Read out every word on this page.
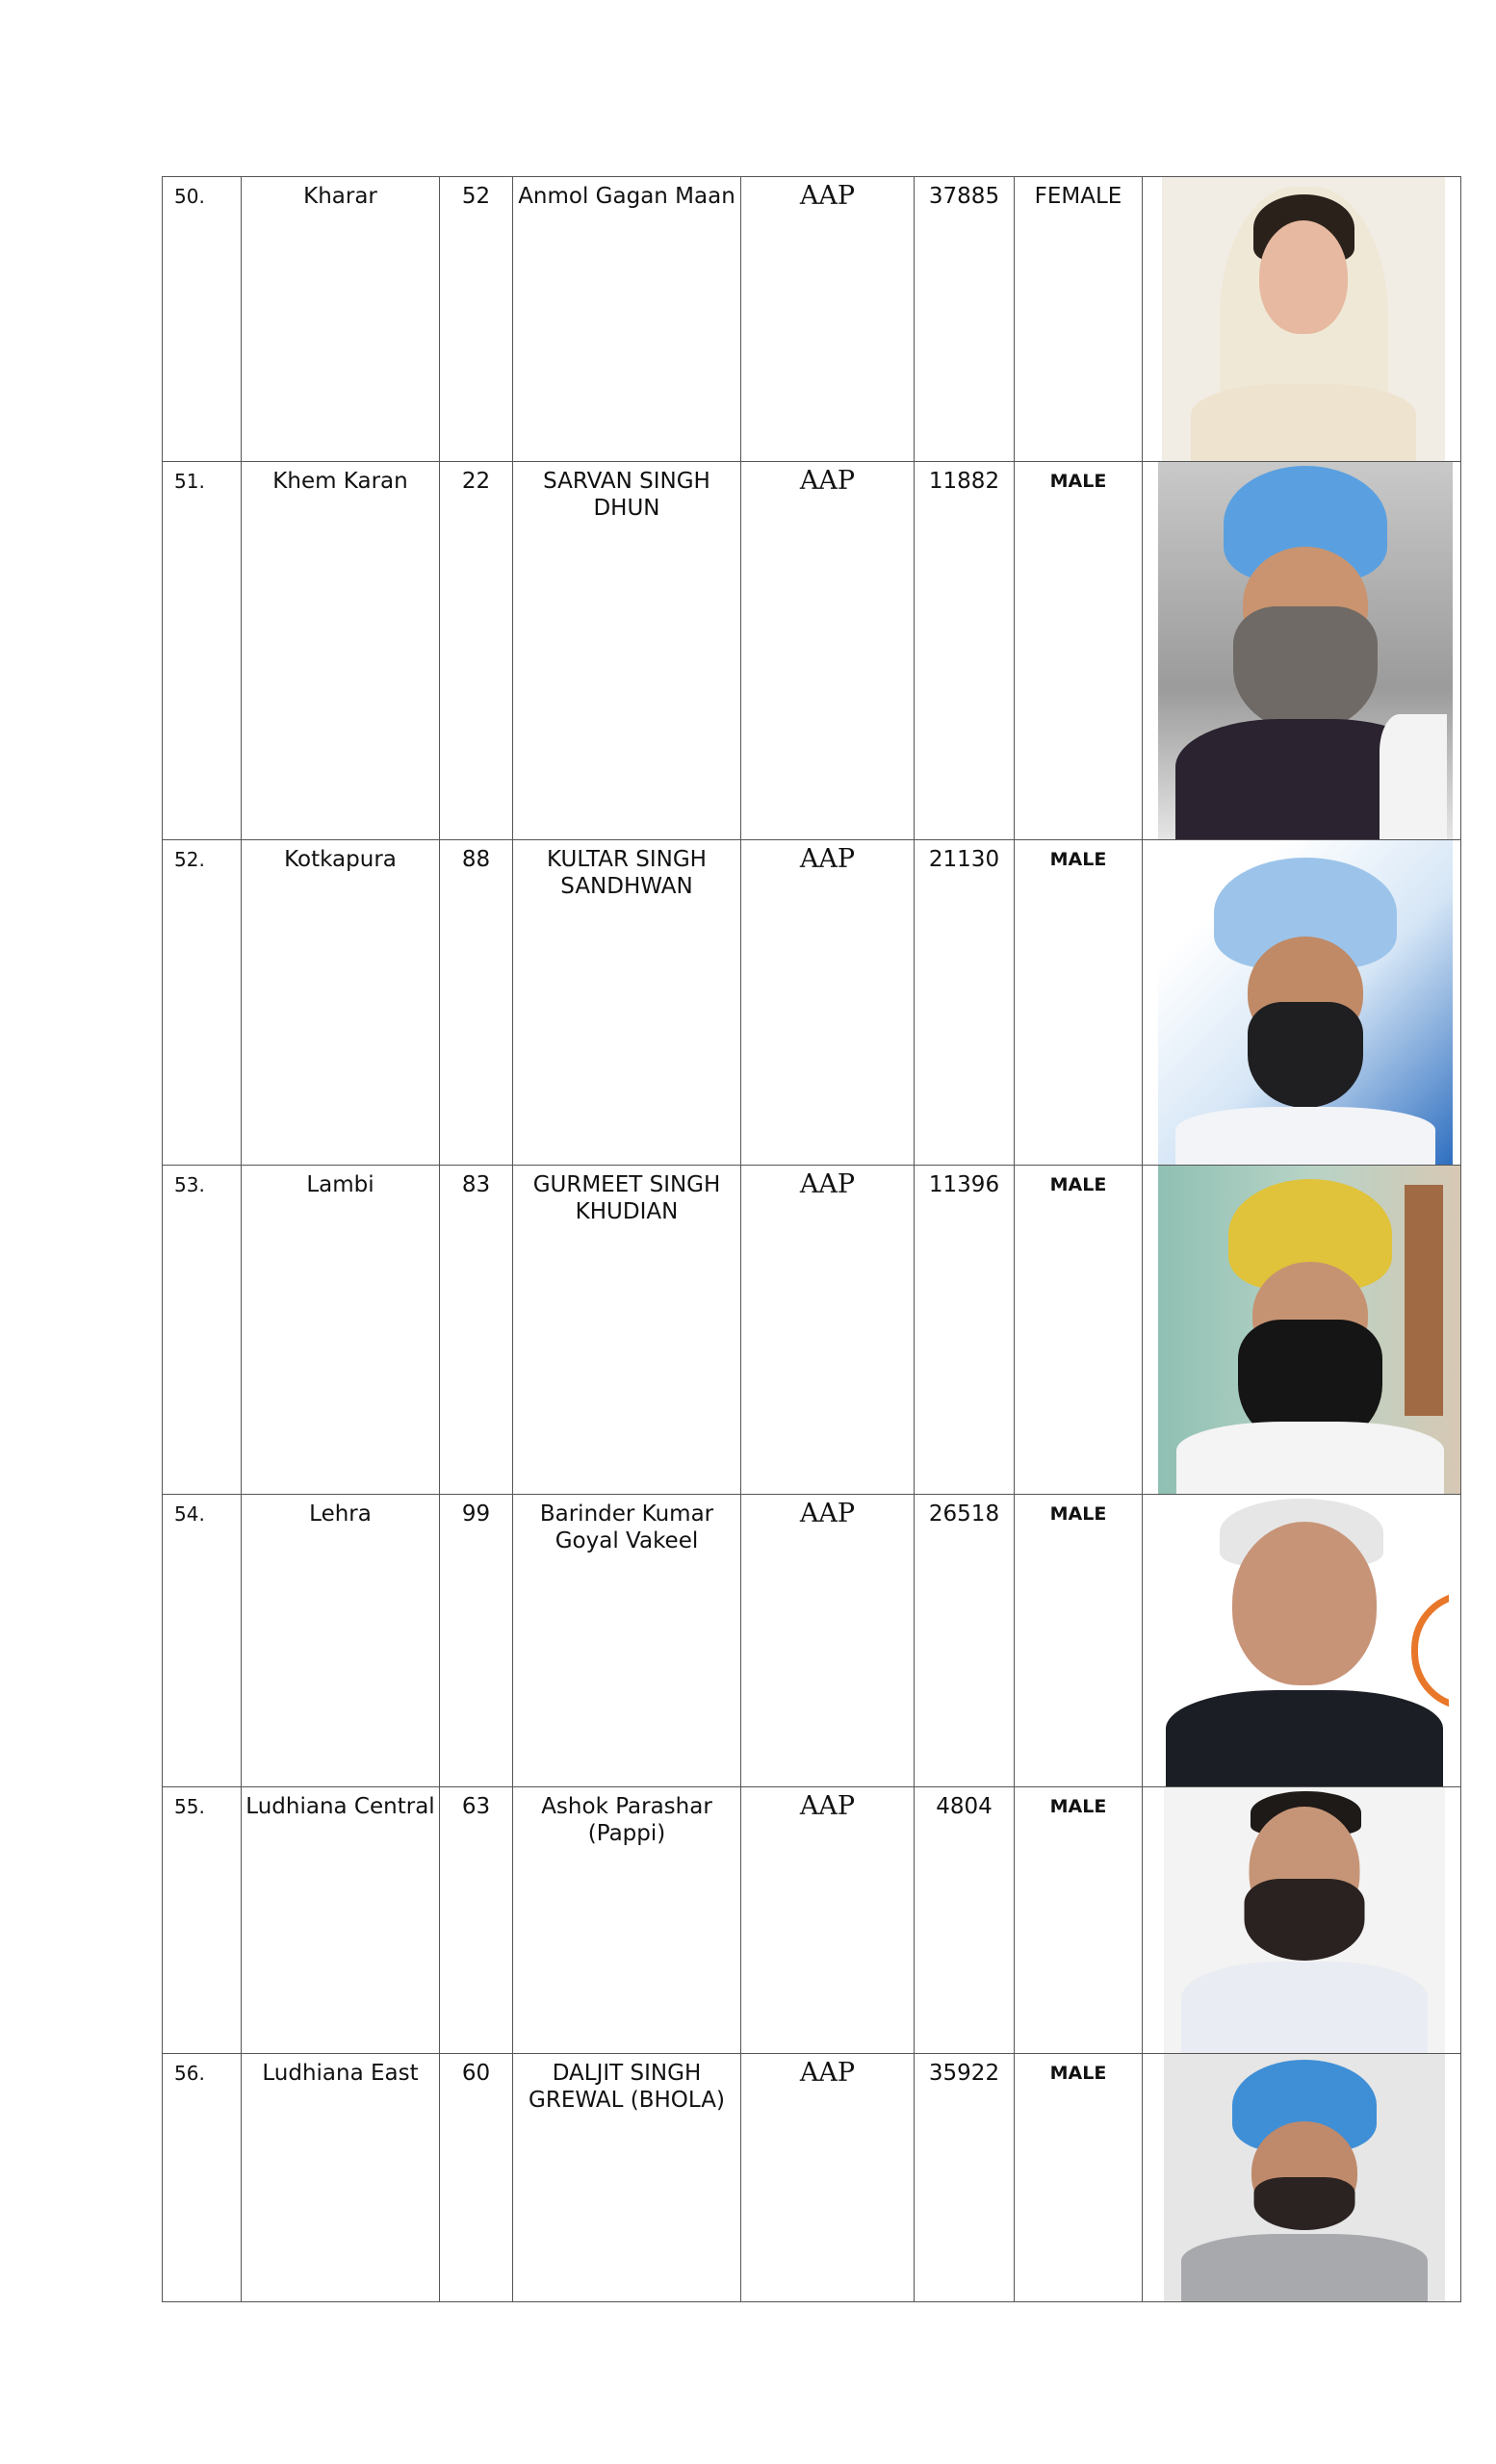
50.	Kharar	52	Anmol Gagan Maan	AAP	37885	FEMALE	

51.	Khem Karan	22	SARVAN SINGH DHUN	AAP	11882	MALE	

52.	Kotkapura	88	KULTAR SINGH SANDHWAN	AAP	21130	MALE	

53.	Lambi	83	GURMEET SINGH KHUDIAN	AAP	11396	MALE	

54.	Lehra	99	Barinder Kumar Goyal Vakeel	AAP	26518	MALE	

55.	Ludhiana Central	63	Ashok Parashar (Pappi)	AAP	4804	MALE	

56.	Ludhiana East	60	DALJIT SINGH GREWAL (BHOLA)	AAP	35922	MALE	
